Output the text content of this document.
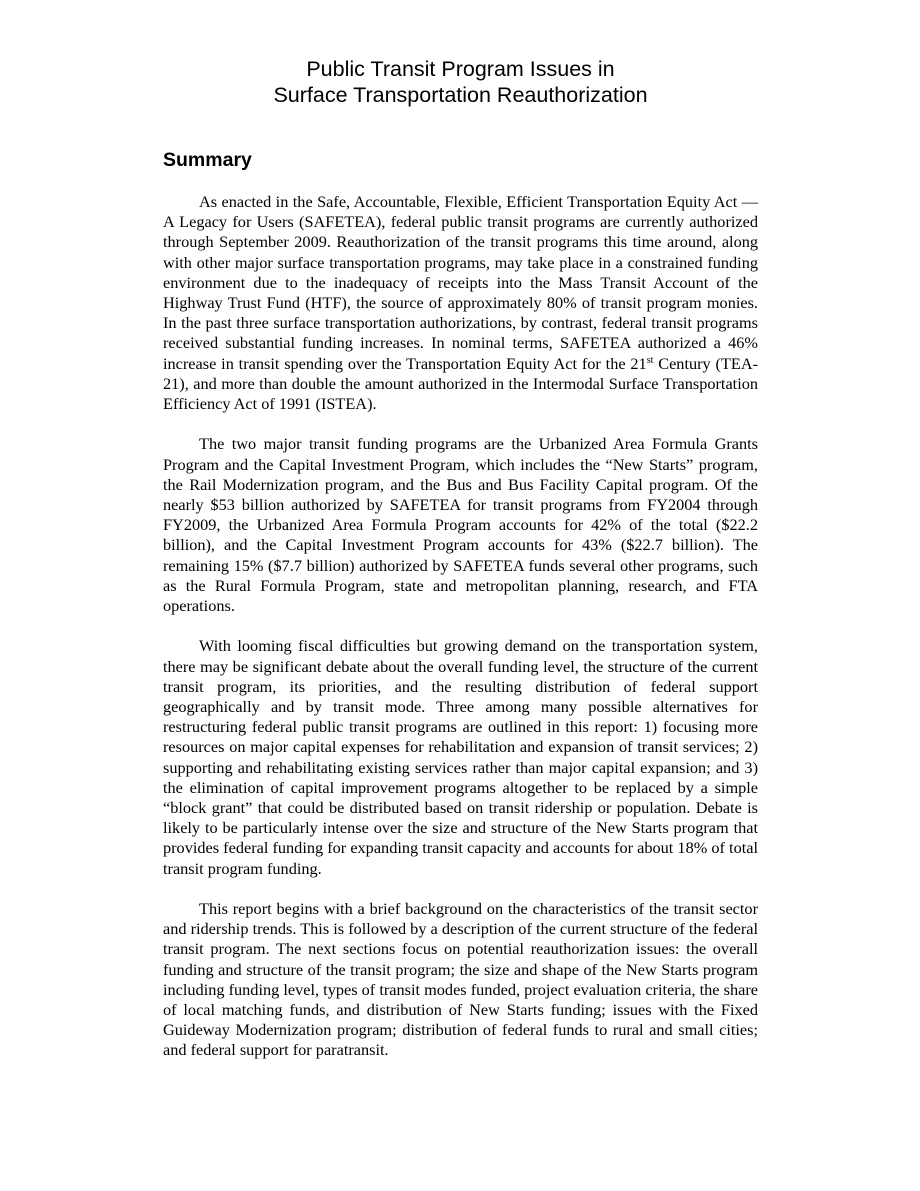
Public Transit Program Issues in
Surface Transportation Reauthorization
Summary

As enacted in the Safe, Accountable, Flexible, Efficient Transportation Equity Act — A Legacy for Users (SAFETEA), federal public transit programs are currently authorized through September 2009. Reauthorization of the transit programs this time around, along with other major surface transportation programs, may take place in a constrained funding environment due to the inadequacy of receipts into the Mass Transit Account of the Highway Trust Fund (HTF), the source of approximately 80% of transit program monies. In the past three surface transportation authorizations, by contrast, federal transit programs received substantial funding increases. In nominal terms, SAFETEA authorized a 46% increase in transit spending over the Transportation Equity Act for the 21st Century (TEA-21), and more than double the amount authorized in the Intermodal Surface Transportation Efficiency Act of 1991 (ISTEA).

The two major transit funding programs are the Urbanized Area Formula Grants Program and the Capital Investment Program, which includes the “New Starts” program, the Rail Modernization program, and the Bus and Bus Facility Capital program. Of the nearly $53 billion authorized by SAFETEA for transit programs from FY2004 through FY2009, the Urbanized Area Formula Program accounts for 42% of the total ($22.2 billion), and the Capital Investment Program accounts for 43% ($22.7 billion). The remaining 15% ($7.7 billion) authorized by SAFETEA funds several other programs, such as the Rural Formula Program, state and metropolitan planning, research, and FTA operations.

With looming fiscal difficulties but growing demand on the transportation system, there may be significant debate about the overall funding level, the structure of the current transit program, its priorities, and the resulting distribution of federal support geographically and by transit mode. Three among many possible alternatives for restructuring federal public transit programs are outlined in this report: 1) focusing more resources on major capital expenses for rehabilitation and expansion of transit services; 2) supporting and rehabilitating existing services rather than major capital expansion; and 3) the elimination of capital improvement programs altogether to be replaced by a simple “block grant” that could be distributed based on transit ridership or population. Debate is likely to be particularly intense over the size and structure of the New Starts program that provides federal funding for expanding transit capacity and accounts for about 18% of total transit program funding.

This report begins with a brief background on the characteristics of the transit sector and ridership trends. This is followed by a description of the current structure of the federal transit program. The next sections focus on potential reauthorization issues: the overall funding and structure of the transit program; the size and shape of the New Starts program including funding level, types of transit modes funded, project evaluation criteria, the share of local matching funds, and distribution of New Starts funding; issues with the Fixed Guideway Modernization program; distribution of federal funds to rural and small cities; and federal support for paratransit.
